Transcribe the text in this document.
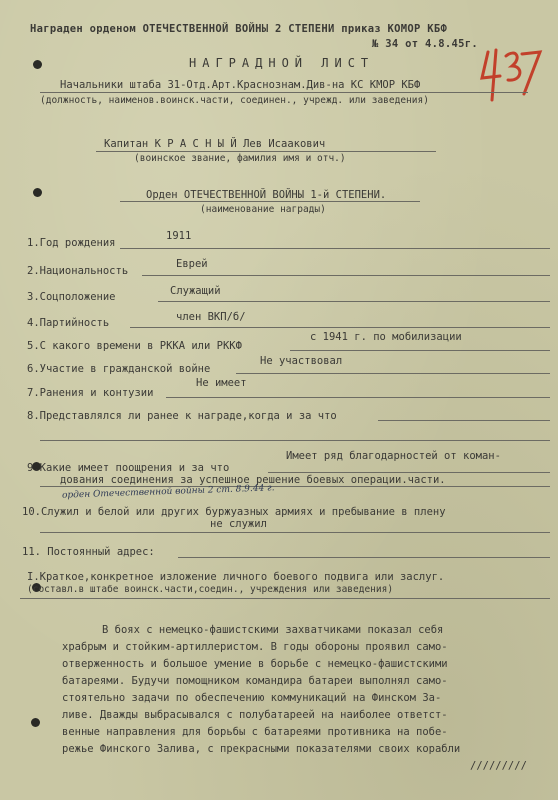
Награден орденом ОТЕЧЕСТВЕННОЙ ВОЙНЫ 2 СТЕПЕНИ приказ КОМОР КБФ
№ 34 от 4.8.45г.
НАГРАДНОЙ ЛИСТ
Начальники штаба 31-Отд.Арт.Краснознам.Див-на КС КМОР КБФ
(должность, наименов.воинск.части, соединен., учрежд. или заведения)
Капитан К Р А С Н Ы Й Лев Исаакович
(воинское звание, фамилия имя и отч.)
Орден ОТЕЧЕСТВЕННОЙ ВОЙНЫ 1-й СТЕПЕНИ.
(наименование награды)
1.Год рождения
1911
2.Национальность
Еврей
3.Соцположение	Служащий
4.Партийность	член ВКП/б/
5.С какого времени в РККА или РККФ
с 1941 г. по мобилизации
6.Участие в гражданской войне
Не участвовал
7.Ранения и контузии
Не имеет
8.Представлялся ли ранее к награде,когда и за что
9.Какие имеет поощрения и за что
Имеет ряд благодарностей от коман-
дования соединения за успешное решение боевых операции.части.
орден Отечественной войны 2 ст. 8.9.44 г.
10.Служил и белой или других буржуазных армиях и пребывание в плену
не служил
11. Постоянный адрес:
I.Краткое,конкретное изложение личного боевого подвига или заслуг.
(составл.в штабе воинск.части,соедин., учреждения или заведения)
В боях с немецко-фашистскими захватчиками показал себя
храбрым и стойким-артиллеристом. В годы обороны проявил само-
отверженность и большое умение в борьбе с немецко-фашистскими
батареями. Будучи помощником командира батареи выполнял само-
стоятельно задачи по обеспечению коммуникаций на Финском За-
ливе. Дважды выбрасывался с полубатареей на наиболее ответст-
венные направления для борьбы с батареями противника на побе-
режье Финского Залива, с прекрасными показателями своих корабли
/////////
